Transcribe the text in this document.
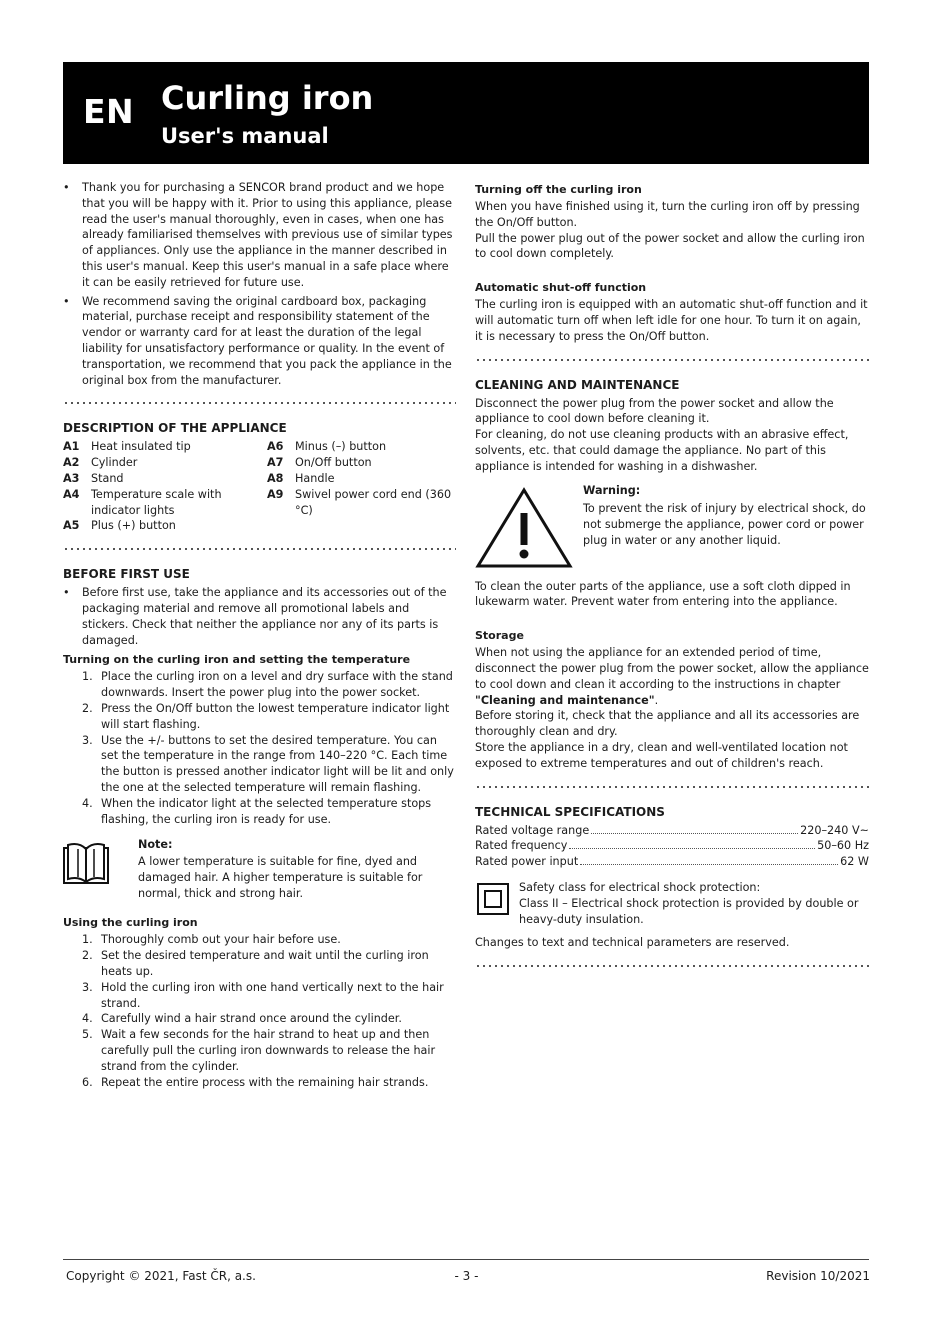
EN Curling iron
User's manual
• Thank you for purchasing a SENCOR brand product and we hope that you will be happy with it. Prior to using this appliance, please read the user's manual thoroughly, even in cases, when one has already familiarised themselves with previous use of similar types of appliances. Only use the appliance in the manner described in this user's manual. Keep this user's manual in a safe place where it can be easily retrieved for future use.
• We recommend saving the original cardboard box, packaging material, purchase receipt and responsibility statement of the vendor or warranty card for at least the duration of the legal liability for unsatisfactory performance or quality. In the event of transportation, we recommend that you pack the appliance in the original box from the manufacturer.
DESCRIPTION OF THE APPLIANCE
A1	Heat insulated tip	A6	Minus (–) button
A2	Cylinder	A7	On/Off button
A3	Stand	A8	Handle
A4	Temperature scale with indicator lights
A9	Swivel power cord end (360 °C)
A5	Plus (+) button
BEFORE FIRST USE
• Before first use, take the appliance and its accessories out of the packaging material and remove all promotional labels and stickers. Check that neither the appliance nor any of its parts is damaged.
Turning on the curling iron and setting the temperature
1. Place the curling iron on a level and dry surface with the stand downwards. Insert the power plug into the power socket.
2. Press the On/Off button the lowest temperature indicator light will start flashing.
3. Use the +/- buttons to set the desired temperature. You can set the temperature in the range from 140–220 °C. Each time the button is pressed another indicator light will be lit and only the one at the selected temperature will remain flashing.
4. When the indicator light at the selected temperature stops flashing, the curling iron is ready for use.
Note:
A lower temperature is suitable for fine, dyed and damaged hair. A higher temperature is suitable for normal, thick and strong hair.
Using the curling iron
1. Thoroughly comb out your hair before use.
2. Set the desired temperature and wait until the curling iron heats up.
3. Hold the curling iron with one hand vertically next to the hair strand.
4. Carefully wind a hair strand once around the cylinder.
5. Wait a few seconds for the hair strand to heat up and then carefully pull the curling iron downwards to release the hair strand from the cylinder.
6. Repeat the entire process with the remaining hair strands.
Turning off the curling iron

When you have finished using it, turn the curling iron off by pressing the On/Off button.

Pull the power plug out of the power socket and allow the curling iron to cool down completely.

Automatic shut-off function

The curling iron is equipped with an automatic shut-off function and it will automatic turn off when left idle for one hour. To turn it on again, it is necessary to press the On/Off button.

CLEANING AND MAINTENANCE

Disconnect the power plug from the power socket and allow the appliance to cool down before cleaning it.

For cleaning, do not use cleaning products with an abrasive effect, solvents, etc. that could damage the appliance. No part of this appliance is intended for washing in a dishwasher.

Warning:
To prevent the risk of injury by electrical shock, do not submerge the appliance, power cord or power plug in water or any another liquid.

To clean the outer parts of the appliance, use a soft cloth dipped in lukewarm water. Prevent water from entering into the appliance.

Storage

When not using the appliance for an extended period of time, disconnect the power plug from the power socket, allow the appliance to cool down and clean it according to the instructions in chapter "Cleaning and maintenance".

Before storing it, check that the appliance and all its accessories are thoroughly clean and dry.

Store the appliance in a dry, clean and well-ventilated location not exposed to extreme temperatures and out of children's reach.

TECHNICAL SPECIFICATIONS
Rated voltage range	220–240 V~
Rated frequency	50–60 Hz
Rated power input	62 W
Safety class for electrical shock protection:
Class II – Electrical shock protection is provided by double or heavy-duty insulation.

Changes to text and technical parameters are reserved.

Copyright © 2021, Fast ČR, a.s.	- 3 -	Revision 10/2021
